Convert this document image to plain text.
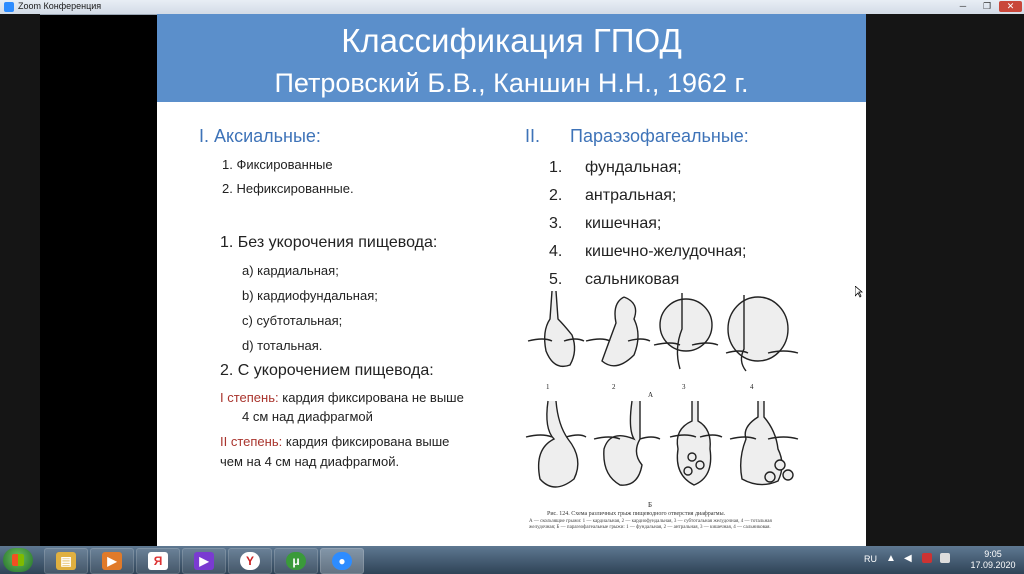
Zoom Конференция	─	❐	✕
Классификация ГПОД
Петровский Б.В., Каншин Н.Н., 1962 г.
I. Аксиальные:
1. Фиксированные
2. Нефиксированные.
1. Без укорочения пищевода:
a) кардиальная;
b) кардиофундальная;
c) субтотальная;
d) тотальная.
2. С укорочением пищевода:
I степень: кардия фиксирована не выше
4 см над диафрагмой
II степень: кардия фиксирована выше
чем на 4 см над диафрагмой.
II. Параэзофагеальные:
1. фундальная;
2. антральная;
3. кишечная;
4. кишечно-желудочная;
5. сальниковая
1	2	3	4
А
Б
Рис. 124. Схема различных грыж пищеводного отверстия диафрагмы.
А — скользящие грыжи: 1 — кардиальная, 2 — кардиофундальная, 3 — субтотальная желудочная, 4 — тотальная желудочная; Б — параэзофагеальные грыжи: 1 — фундальная, 2 — антральная, 3 — кишечная, 4 — сальниковая.
▤	▶	Я	▶	Y	μ	●	RU ▲ ◀	9:05
17.09.2020
